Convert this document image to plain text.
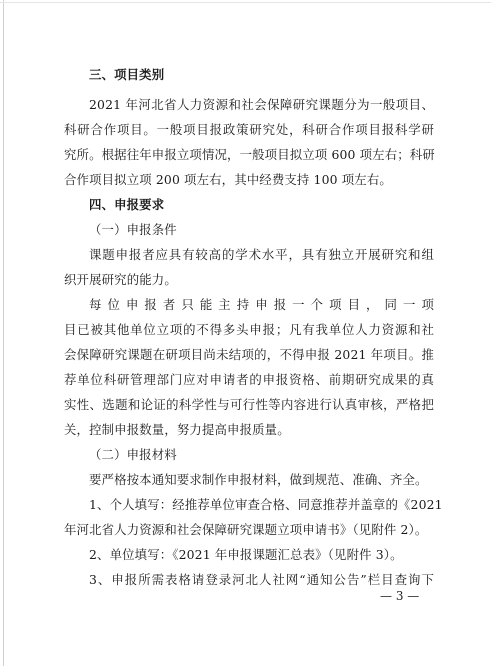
三、项目类别
2021 年河北省人力资源和社会保障研究课题分为一般项目、
科研合作项目。一般项目报政策研究处，科研合作项目报科学研
究所。根据往年申报立项情况，一般项目拟立项 600 项左右；科研
合作项目拟立项 200 项左右，其中经费支持 100 项左右。
四、申报要求
（一）申报条件
课题申报者应具有较高的学术水平，具有独立开展研究和组
织开展研究的能力。
每位申报者只能主持申报一个项目，同一项
目已被其他单位立项的不得多头申报；凡有我单位人力资源和社
会保障研究课题在研项目尚未结项的，不得申报 2021 年项目。推
荐单位科研管理部门应对申请者的申报资格、前期研究成果的真
实性、选题和论证的科学性与可行性等内容进行认真审核，严格把
关，控制申报数量，努力提高申报质量。
（二）申报材料
要严格按本通知要求制作申报材料，做到规范、准确、齐全。
1、个人填写：经推荐单位审查合格、同意推荐并盖章的《2021
年河北省人力资源和社会保障研究课题立项申请书》（见附件 2）。
2、单位填写：《2021 年申报课题汇总表》（见附件 3）。
3、申报所需表格请登录河北人社网“通知公告”栏目查询下
— 3 —
